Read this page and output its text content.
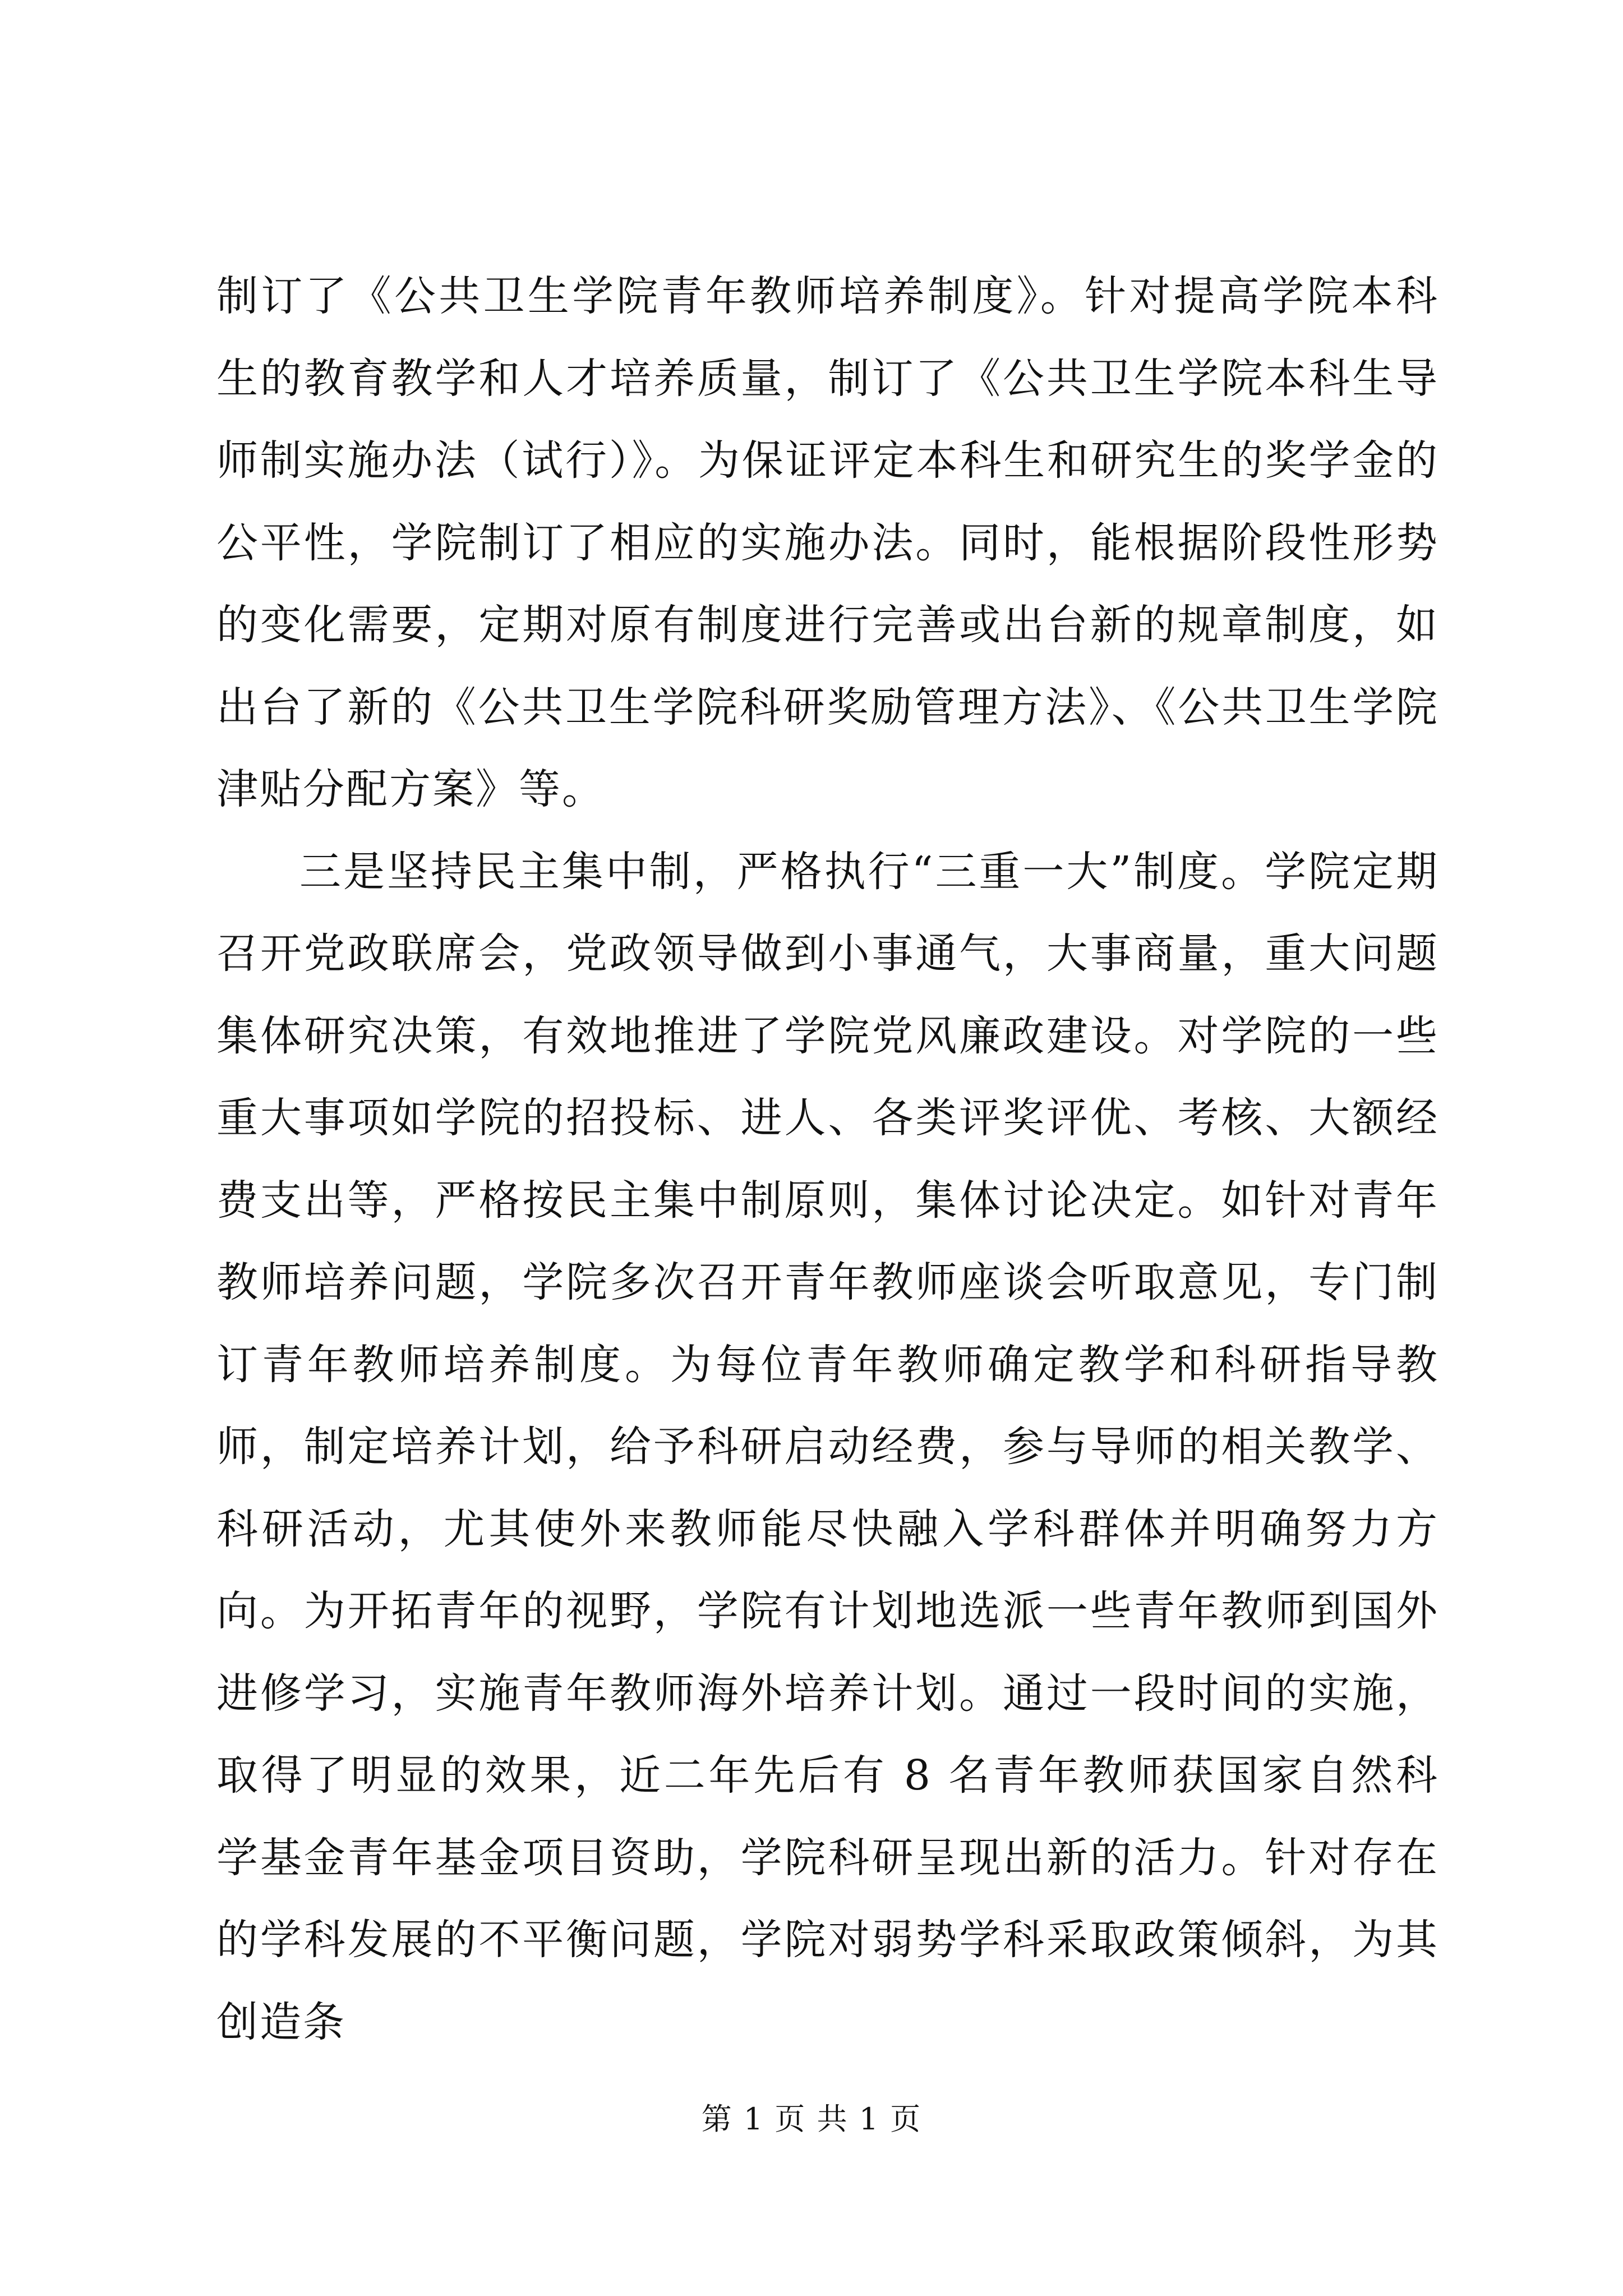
制订了《公共卫生学院青年教师培养制度》。针对提高学院本科生的教育教学和人才培养质量，制订了《公共卫生学院本科生导师制实施办法（试行）》。为保证评定本科生和研究生的奖学金的公平性，学院制订了相应的实施办法。同时，能根据阶段性形势的变化需要，定期对原有制度进行完善或出台新的规章制度，如出台了新的《公共卫生学院科研奖励管理方法》、《公共卫生学院津贴分配方案》等。

三是坚持民主集中制，严格执行“三重一大”制度。学院定期召开党政联席会，党政领导做到小事通气，大事商量，重大问题集体研究决策，有效地推进了学院党风廉政建设。对学院的一些重大事项如学院的招投标、进人、各类评奖评优、考核、大额经费支出等，严格按民主集中制原则，集体讨论决定。如针对青年教师培养问题，学院多次召开青年教师座谈会听取意见，专门制订青年教师培养制度。为每位青年教师确定教学和科研指导教师，制定培养计划，给予科研启动经费，参与导师的相关教学、科研活动，尤其使外来教师能尽快融入学科群体并明确努力方向。为开拓青年的视野，学院有计划地选派一些青年教师到国外进修学习，实施青年教师海外培养计划。通过一段时间的实施，取得了明显的效果，近二年先后有 8 名青年教师获国家自然科学基金青年基金项目资助，学院科研呈现出新的活力。针对存在的学科发展的不平衡问题，学院对弱势学科采取政策倾斜，为其创造条

第 1 页 共 1 页
